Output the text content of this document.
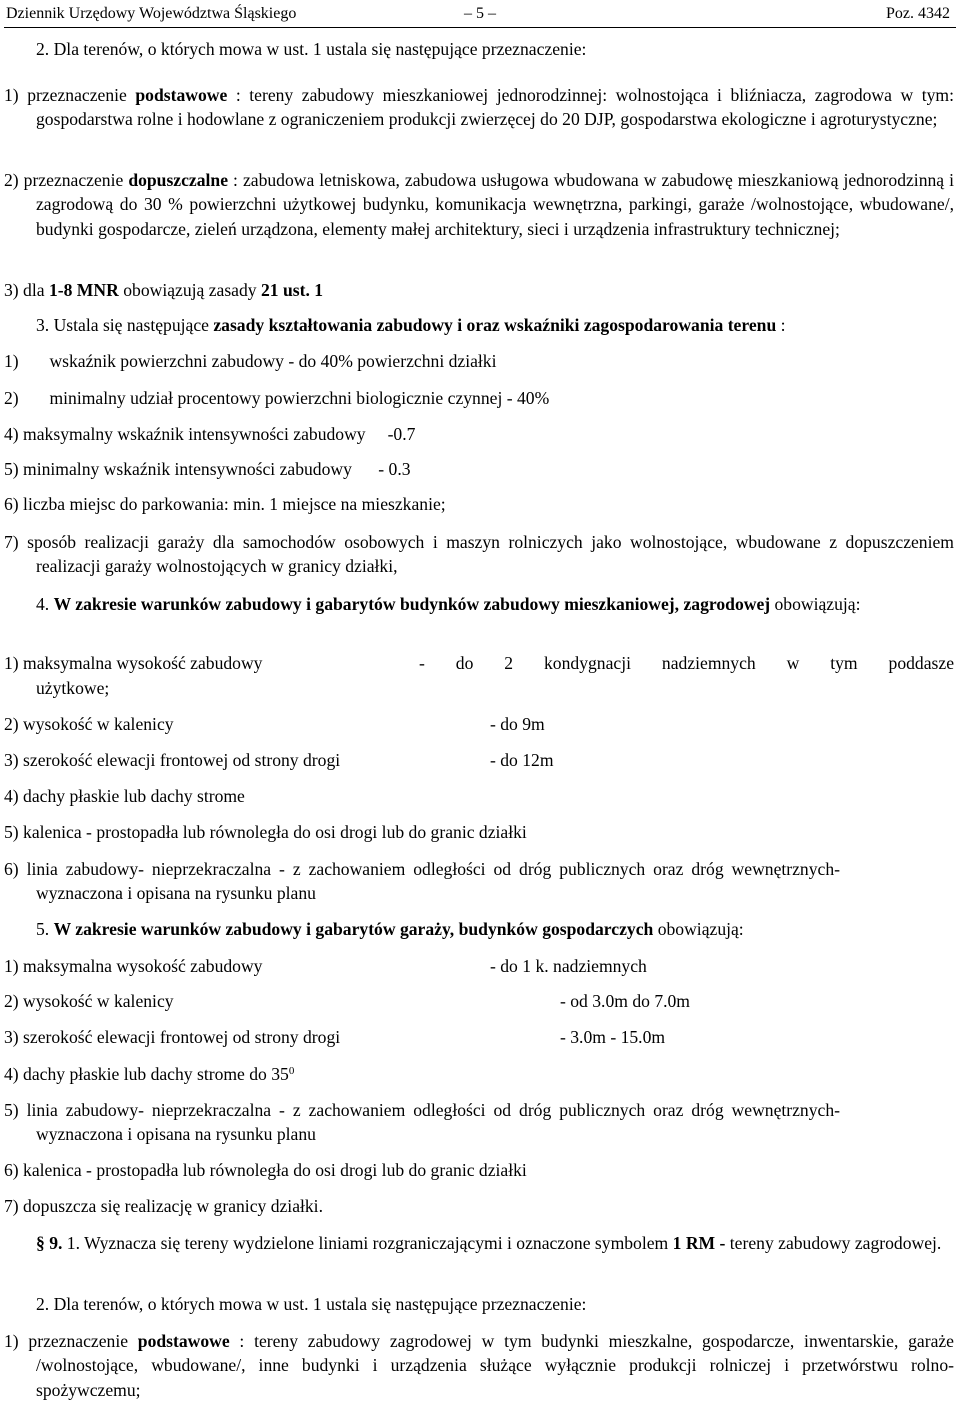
Dziennik Urzędowy Województwa Śląskiego	– 5 –	Poz. 4342
2. Dla terenów, o których mowa w ust. 1 ustala się następujące przeznaczenie:
1) przeznaczenie podstawowe : tereny zabudowy mieszkaniowej jednorodzinnej: wolnostojąca i bliźniacza, zagrodowa w tym: gospodarstwa rolne i hodowlane z ograniczeniem produkcji zwierzęcej do 20 DJP, gospodarstwa ekologiczne i agroturystyczne;
2) przeznaczenie dopuszczalne : zabudowa letniskowa, zabudowa usługowa wbudowana w zabudowę mieszkaniową jednorodzinną i zagrodową do 30 % powierzchni użytkowej budynku, komunikacja wewnętrzna, parkingi, garaże /wolnostojące, wbudowane/, budynki gospodarcze, zieleń urządzona, elementy małej architektury, sieci i urządzenia infrastruktury technicznej;
3) dla 1-8 MNR obowiązują zasady 21 ust. 1
3. Ustala się następujące zasady kształtowania zabudowy i oraz wskaźniki zagospodarowania terenu :
1)       wskaźnik powierzchni zabudowy - do 40% powierzchni działki
2)       minimalny udział procentowy powierzchni biologicznie czynnej - 40%
4) maksymalny wskaźnik intensywności zabudowy     -0.7
5) minimalny wskaźnik intensywności zabudowy      - 0.3
6) liczba miejsc do parkowania: min. 1 miejsce na mieszkanie;
7) sposób realizacji garaży dla samochodów osobowych i maszyn rolniczych jako wolnostojące, wbudowane z dopuszczeniem realizacji garaży wolnostojących w granicy działki,
4. W zakresie warunków zabudowy i gabarytów budynków zabudowy mieszkaniowej, zagrodowej obowiązują:
1) maksymalna wysokość zabudowy	- do 2 kondygnacji nadziemnych w tym poddasze
użytkowe;
2) wysokość w kalenicy	- do 9m
3) szerokość elewacji frontowej od strony drogi	- do 12m
4) dachy płaskie lub dachy strome
5) kalenica - prostopadła lub równoległa do osi drogi lub do granic działki
6) linia zabudowy- nieprzekraczalna - z zachowaniem odległości od dróg publicznych oraz dróg wewnętrznych- wyznaczona i opisana na rysunku planu
5. W zakresie warunków zabudowy i gabarytów garaży, budynków gospodarczych obowiązują:
1) maksymalna wysokość zabudowy	- do 1 k. nadziemnych
2) wysokość w kalenicy	- od 3.0m do 7.0m
3) szerokość elewacji frontowej od strony drogi	- 3.0m - 15.0m
4) dachy płaskie lub dachy strome do $35^0$
5) linia zabudowy- nieprzekraczalna - z zachowaniem odległości od dróg publicznych oraz dróg wewnętrznych- wyznaczona i opisana na rysunku planu
6) kalenica - prostopadła lub równoległa do osi drogi lub do granic działki
7) dopuszcza się realizację w granicy działki.
§ 9. 1. Wyznacza się tereny wydzielone liniami rozgraniczającymi i oznaczone symbolem 1 RM - tereny zabudowy zagrodowej.
2. Dla terenów, o których mowa w ust. 1 ustala się następujące przeznaczenie:
1) przeznaczenie podstawowe : tereny zabudowy zagrodowej w tym budynki mieszkalne, gospodarcze, inwentarskie, garaże /wolnostojące, wbudowane/, inne budynki i urządzenia służące wyłącznie produkcji rolniczej i przetwórstwu rolno-spożywczemu;
